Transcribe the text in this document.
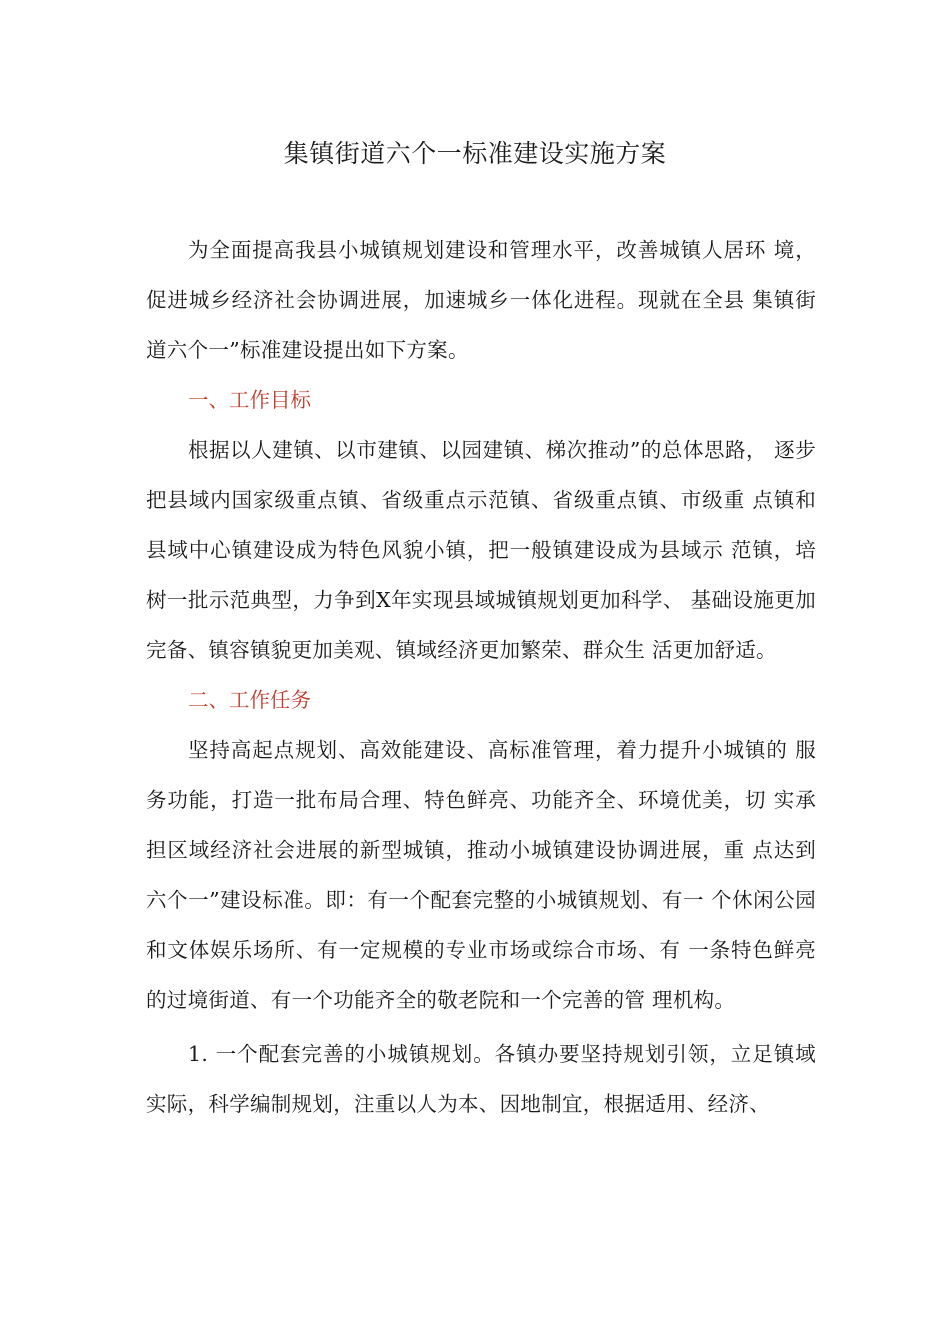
集镇街道六个一标准建设实施方案

为全面提高我县小城镇规划建设和管理水平，改善城镇人居环 境，促进城乡经济社会协调进展，加速城乡一体化进程。现就在全县 集镇街道六个一”标准建设提出如下方案。

一、工作目标

根据以人建镇、以市建镇、以园建镇、梯次推动”的总体思路， 逐步把县域内国家级重点镇、省级重点示范镇、省级重点镇、市级重 点镇和县域中心镇建设成为特色风貌小镇，把一般镇建设成为县域示 范镇，培树一批示范典型，力争到X年实现县域城镇规划更加科学、 基础设施更加完备、镇容镇貌更加美观、镇域经济更加繁荣、群众生 活更加舒适。

二、工作任务

坚持高起点规划、高效能建设、高标准管理，着力提升小城镇的 服务功能，打造一批布局合理、特色鲜亮、功能齐全、环境优美，切 实承担区域经济社会进展的新型城镇，推动小城镇建设协调进展，重 点达到六个一”建设标准。即：有一个配套完整的小城镇规划、有一 个休闲公园和文体娱乐场所、有一定规模的专业市场或综合市场、有 一条特色鲜亮的过境街道、有一个功能齐全的敬老院和一个完善的管 理机构。

1. 一个配套完善的小城镇规划。各镇办要坚持规划引领，立足镇域实际，科学编制规划，注重以人为本、因地制宜，根据适用、经济、
